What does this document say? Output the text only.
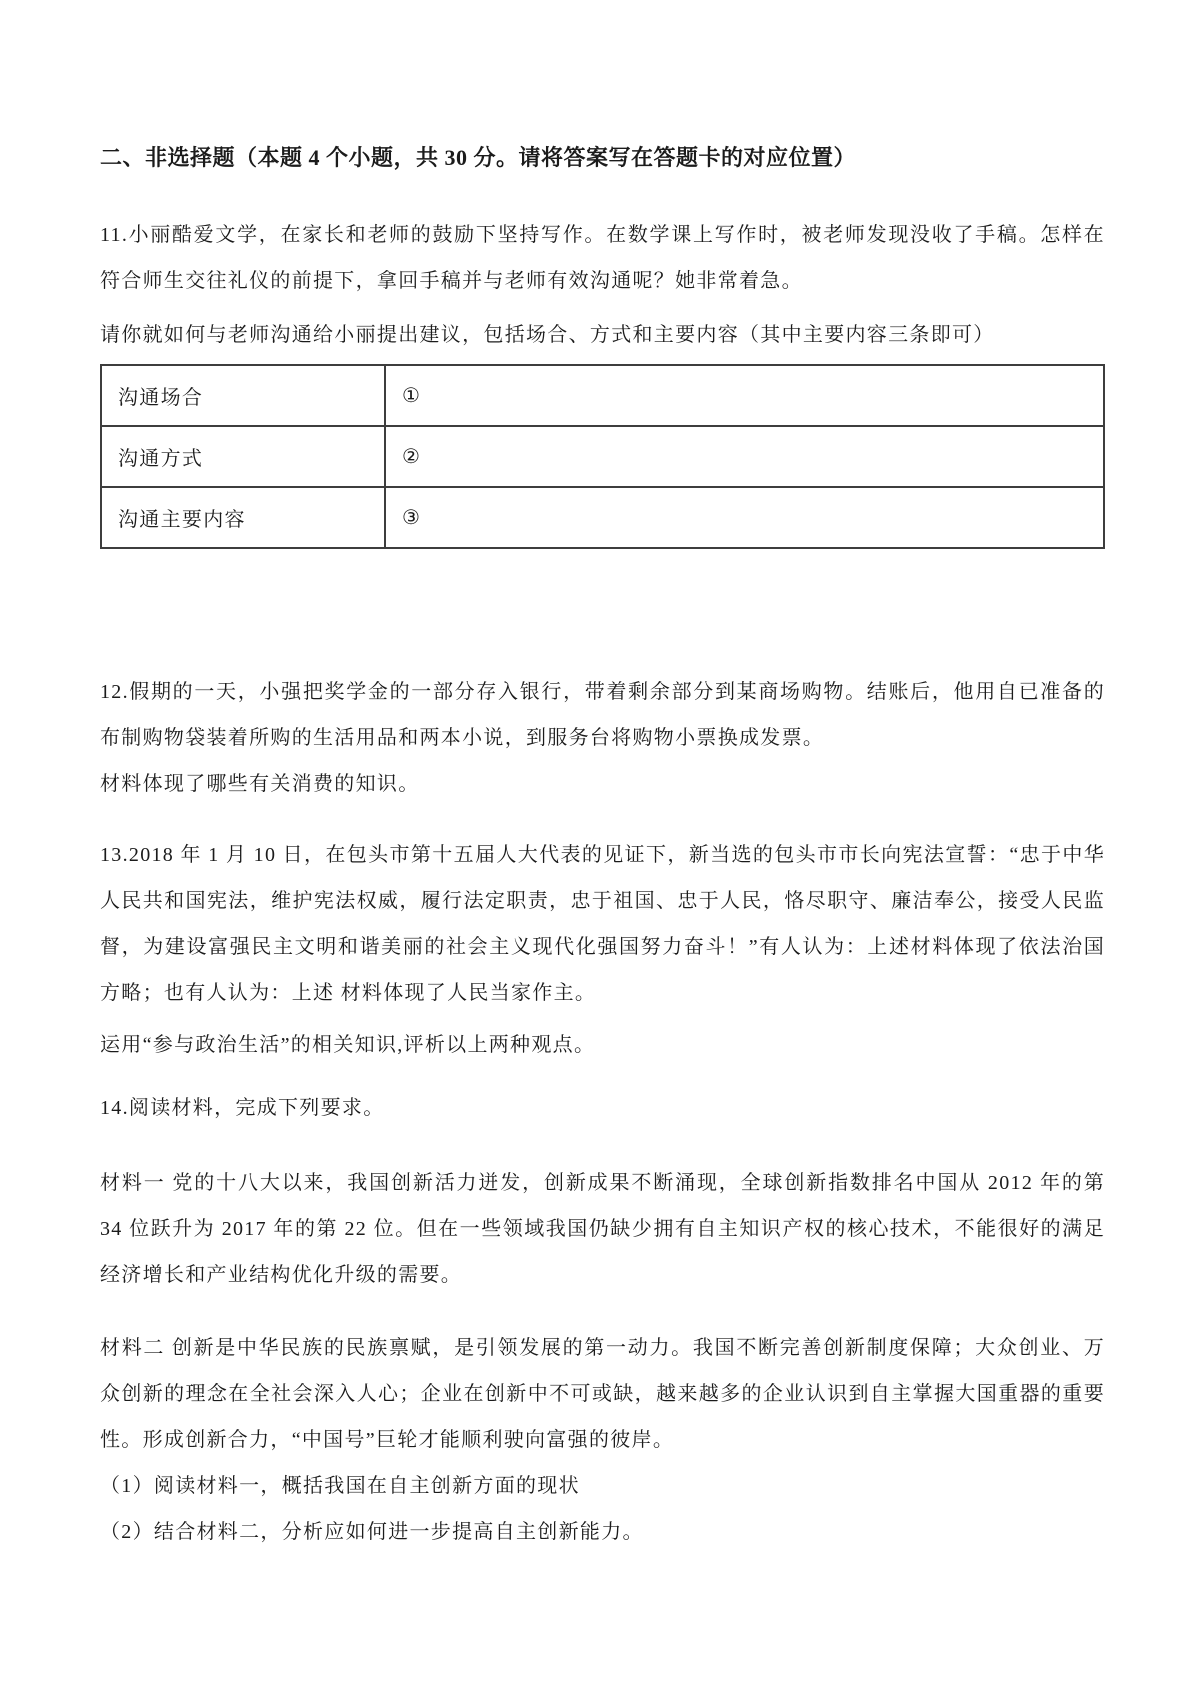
二、非选择题（本题 4 个小题，共 30 分。请将答案写在答题卡的对应位置）

11.小丽酷爱文学，在家长和老师的鼓励下坚持写作。在数学课上写作时，被老师发现没收了手稿。怎样在符合师生交往礼仪的前提下，拿回手稿并与老师有效沟通呢？她非常着急。

请你就如何与老师沟通给小丽提出建议，包括场合、方式和主要内容（其中主要内容三条即可）

沟通场合	①
沟通方式	②
沟通主要内容	③

12.假期的一天，小强把奖学金的一部分存入银行，带着剩余部分到某商场购物。结账后，他用自已准备的布制购物袋装着所购的生活用品和两本小说，到服务台将购物小票换成发票。

材料体现了哪些有关消费的知识。

13.2018 年 1 月 10 日，在包头市第十五届人大代表的见证下，新当选的包头市市长向宪法宣誓：“忠于中华人民共和国宪法，维护宪法权威，履行法定职责，忠于祖国、忠于人民，恪尽职守、廉洁奉公，接受人民监督，为建设富强民主文明和谐美丽的社会主义现代化强国努力奋斗！”有人认为：上述材料体现了依法治国方略；也有人认为：上述 材料体现了人民当家作主。

运用“参与政治生活”的相关知识,评析以上两种观点。

14.阅读材料，完成下列要求。

材料一 党的十八大以来，我国创新活力迸发，创新成果不断涌现，全球创新指数排名中国从 2012 年的第 34 位跃升为 2017 年的第 22 位。但在一些领域我国仍缺少拥有自主知识产权的核心技术，不能很好的满足经济增长和产业结构优化升级的需要。

材料二 创新是中华民族的民族禀赋，是引领发展的第一动力。我国不断完善创新制度保障；大众创业、万众创新的理念在全社会深入人心；企业在创新中不可或缺，越来越多的企业认识到自主掌握大国重器的重要性。形成创新合力，“中国号”巨轮才能顺利驶向富强的彼岸。

（1）阅读材料一，概括我国在自主创新方面的现状

（2）结合材料二，分析应如何进一步提高自主创新能力。
